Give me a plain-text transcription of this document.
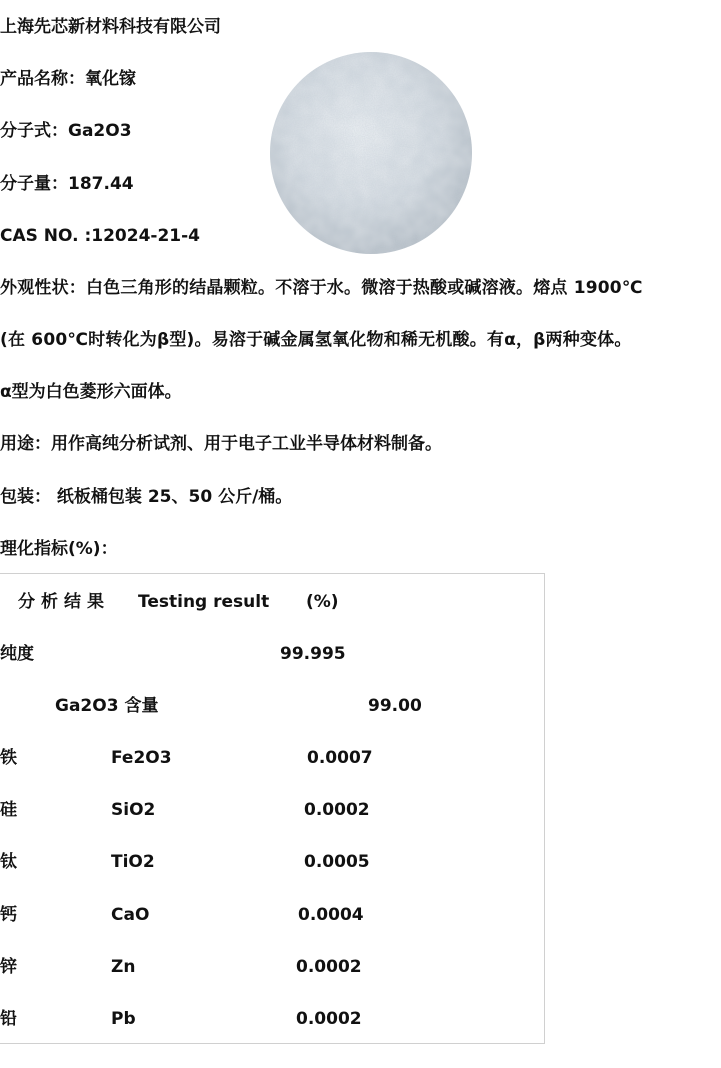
上海先芯新材料科技有限公司
产品名称：氧化镓
分子式：Ga2O3
分子量：187.44
CAS NO. :12024-21-4
外观性状：白色三角形的结晶颗粒。不溶于水。微溶于热酸或碱溶液。熔点 1900℃
(在 600℃时转化为β型)。易溶于碱金属氢氧化物和稀无机酸。有α，β两种变体。
α型为白色菱形六面体。
用途：用作高纯分析试剂、用于电子工业半导体材料制备。
包装： 纸板桶包装 25、50 公斤/桶。
理化指标(%)：
分析结果 Testing result (%)
纯度	99.995
Ga2O3 含量	99.00
铁	Fe2O3	0.0007
硅	SiO2	0.0002
钛	TiO2	0.0005
钙	CaO	0.0004
锌	Zn	0.0002
铅	Pb	0.0002
